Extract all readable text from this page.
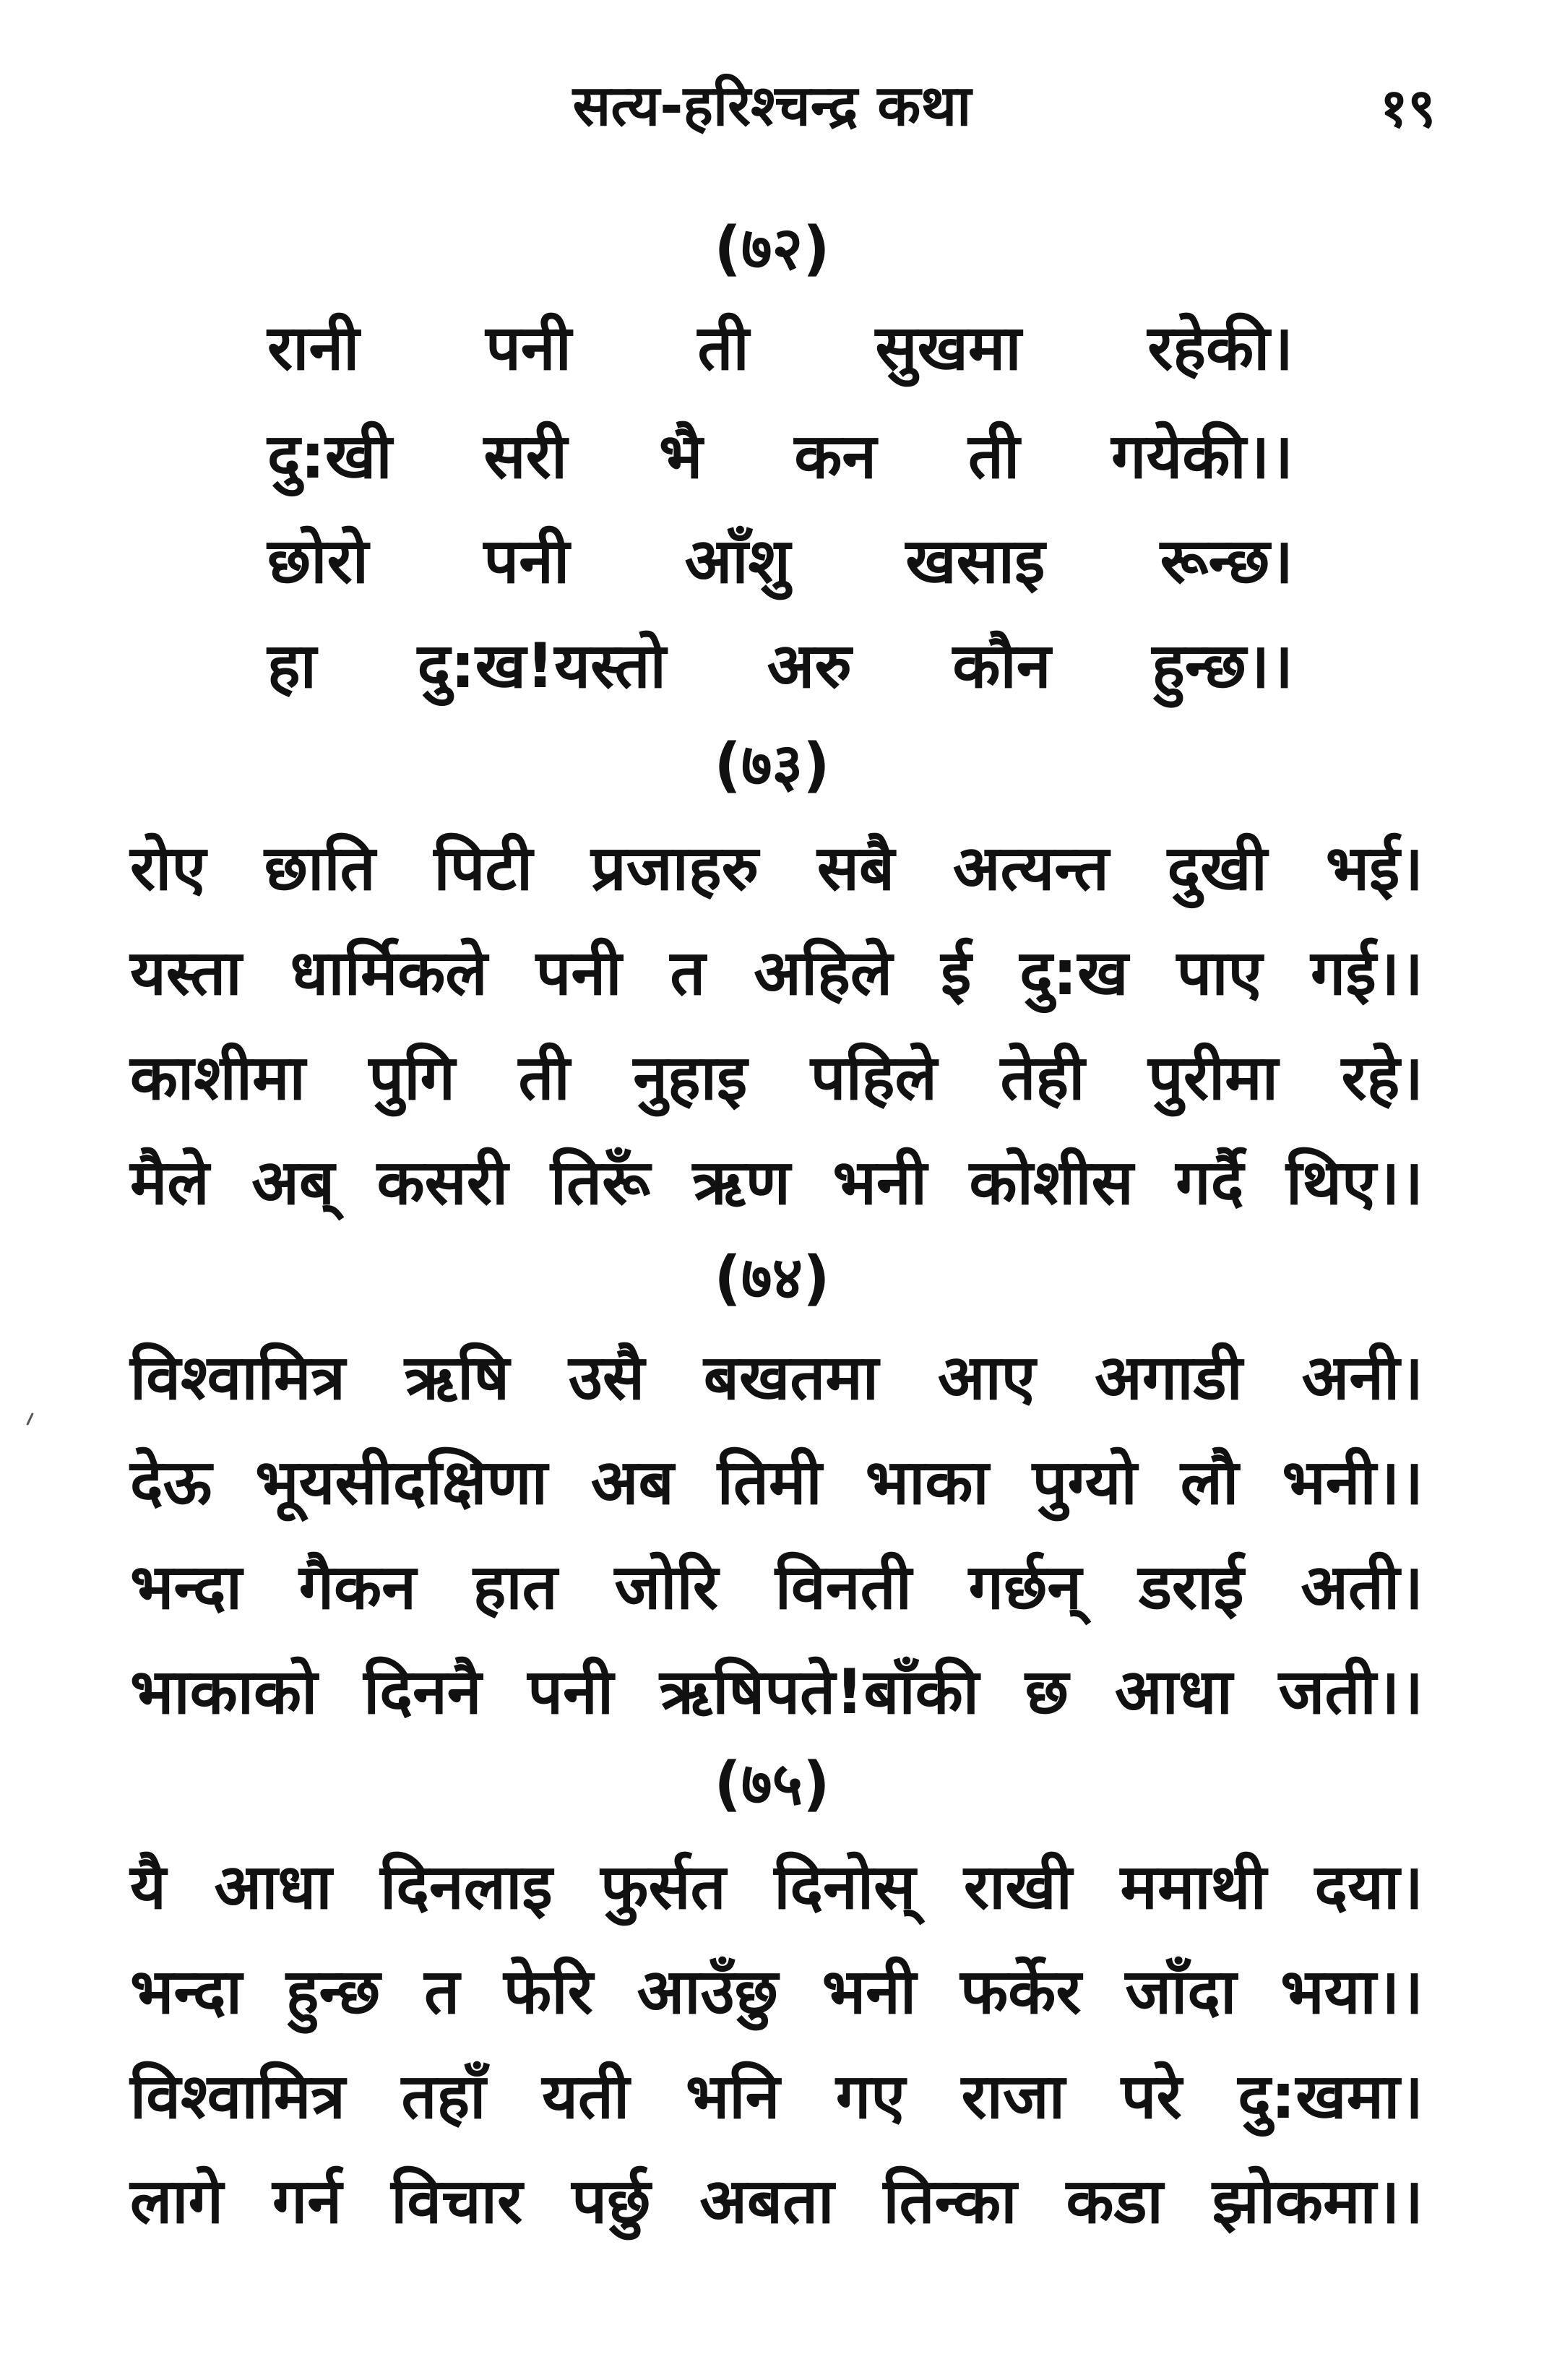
सत्य-हरिश्चन्द्र कथा	१९
(७२)
रानी पनी ती सुखमा रहेकी।
दु:खी सरी भै कन ती गयेकी।।
छोरो पनी आँशु खसाइ रून्छ।
हा दु:ख!यस्तो अरु कौन हुन्छ।।
(७३)
रोए छाति पिटी प्रजाहरु सबै अत्यन्त दुखी भई।
यस्ता धार्मिकले पनी त अहिले ई दु:ख पाए गई।।
काशीमा पुगि ती नुहाइ पहिले तेही पुरीमा रहे।
मैले अब् कसरी तिरूँ ऋण भनी कोशीस गर्दै थिए।।
(७४)
विश्वामित्र ऋषि उसै बखतमा आए अगाडी अनी।
देऊ भूयसीदक्षिणा अब तिमी भाका पुग्यो लौ भनी।।
भन्दा गैकन हात जोरि विनती गर्छन् डराई अती।
भाकाको दिननै पनी ऋषिपते!बाँकी छ आधा जती।।
(७५)
यै आधा दिनलाइ फुर्सत दिनोस् राखी ममाथी दया।
भन्दा हुन्छ त फेरि आउँछु भनी फर्केर जाँदा भया।।
विश्वामित्र तहाँ यती भनि गए राजा परे दु:खमा।
लागे गर्न विचार पर्छु अबता तिन्का कडा झोकमा।।
